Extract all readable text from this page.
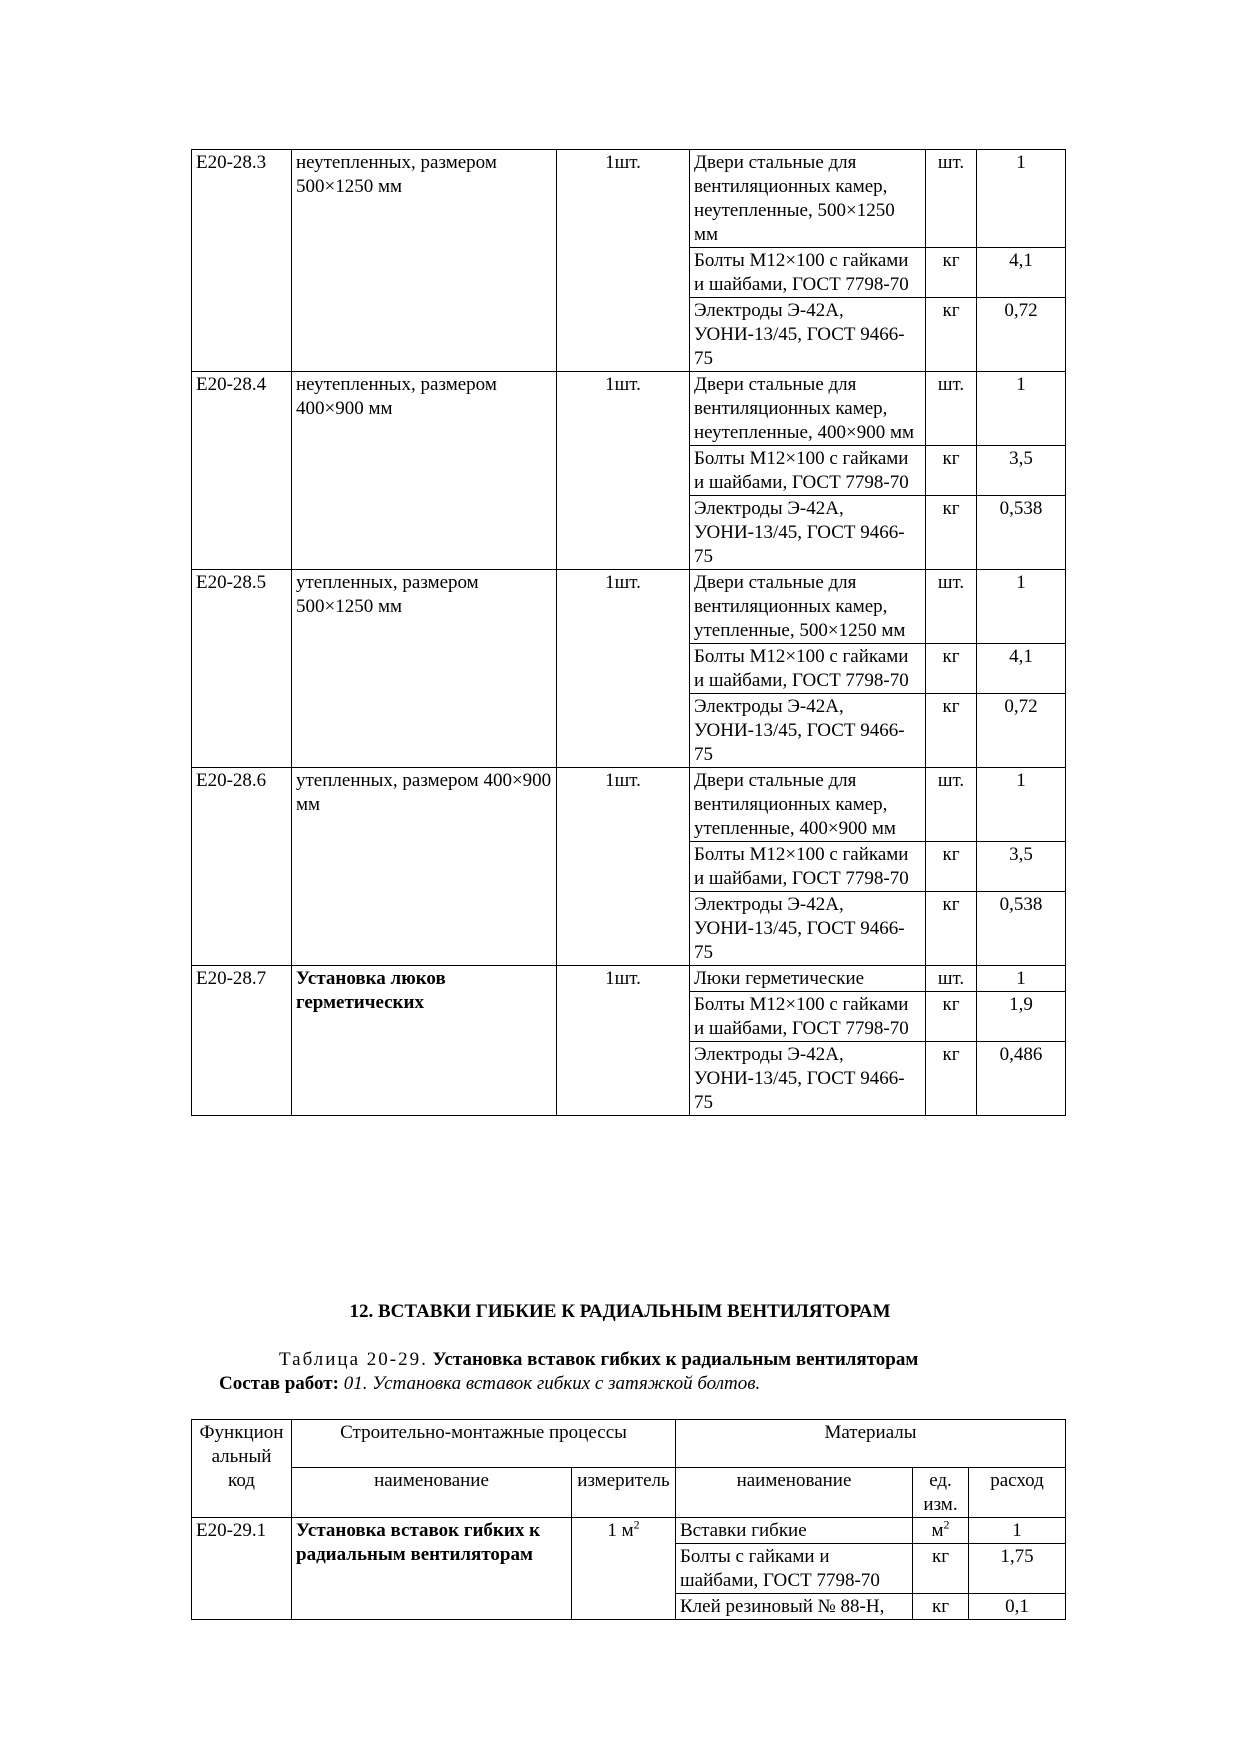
Е20-28.3	неутепленных, размером 500×1250 мм	1шт.	Двери стальные для вентиляционных камер, неутепленные, 500×1250 мм	шт.	1
			Болты М12×100 с гайками и шайбами, ГОСТ 7798-70	кг	4,1
			Электроды Э-42А, УОНИ-13/45, ГОСТ 9466-75	кг	0,72
Е20-28.4	неутепленных, размером 400×900 мм	1шт.	Двери стальные для вентиляционных камер, неутепленные, 400×900 мм	шт.	1
			Болты М12×100 с гайками и шайбами, ГОСТ 7798-70	кг	3,5
			Электроды Э-42А, УОНИ-13/45, ГОСТ 9466-75	кг	0,538
Е20-28.5	утепленных, размером 500×1250 мм	1шт.	Двери стальные для вентиляционных камер, утепленные, 500×1250 мм	шт.	1
			Болты М12×100 с гайками и шайбами, ГОСТ 7798-70	кг	4,1
			Электроды Э-42А, УОНИ-13/45, ГОСТ 9466-75	кг	0,72
Е20-28.6	утепленных, размером 400×900 мм	1шт.	Двери стальные для вентиляционных камер, утепленные, 400×900 мм	шт.	1
			Болты М12×100 с гайками и шайбами, ГОСТ 7798-70	кг	3,5
			Электроды Э-42А, УОНИ-13/45, ГОСТ 9466-75	кг	0,538
Е20-28.7	Установка люков герметических	1шт.	Люки герметические	шт.	1
			Болты М12×100 с гайками и шайбами, ГОСТ 7798-70	кг	1,9
			Электроды Э-42А, УОНИ-13/45, ГОСТ 9466-75	кг	0,486
12. ВСТАВКИ ГИБКИЕ К РАДИАЛЬНЫМ ВЕНТИЛЯТОРАМ
Таблица 20-29. Установка вставок гибких к радиальным вентиляторам
Состав работ: 01. Установка вставок гибких с затяжкой болтов.
Функцион альный код	Строительно-монтажные процессы		Материалы		
	наименование	измеритель	наименование	ед. изм.	расход
Е20-29.1	Установка вставок гибких к радиальным вентиляторам	1 $м^2$	Вставки гибкие	$м^2$	1
			Болты с гайками и шайбами, ГОСТ 7798-70	кг	1,75
			Клей резиновый № 88-Н,	кг	0,1
